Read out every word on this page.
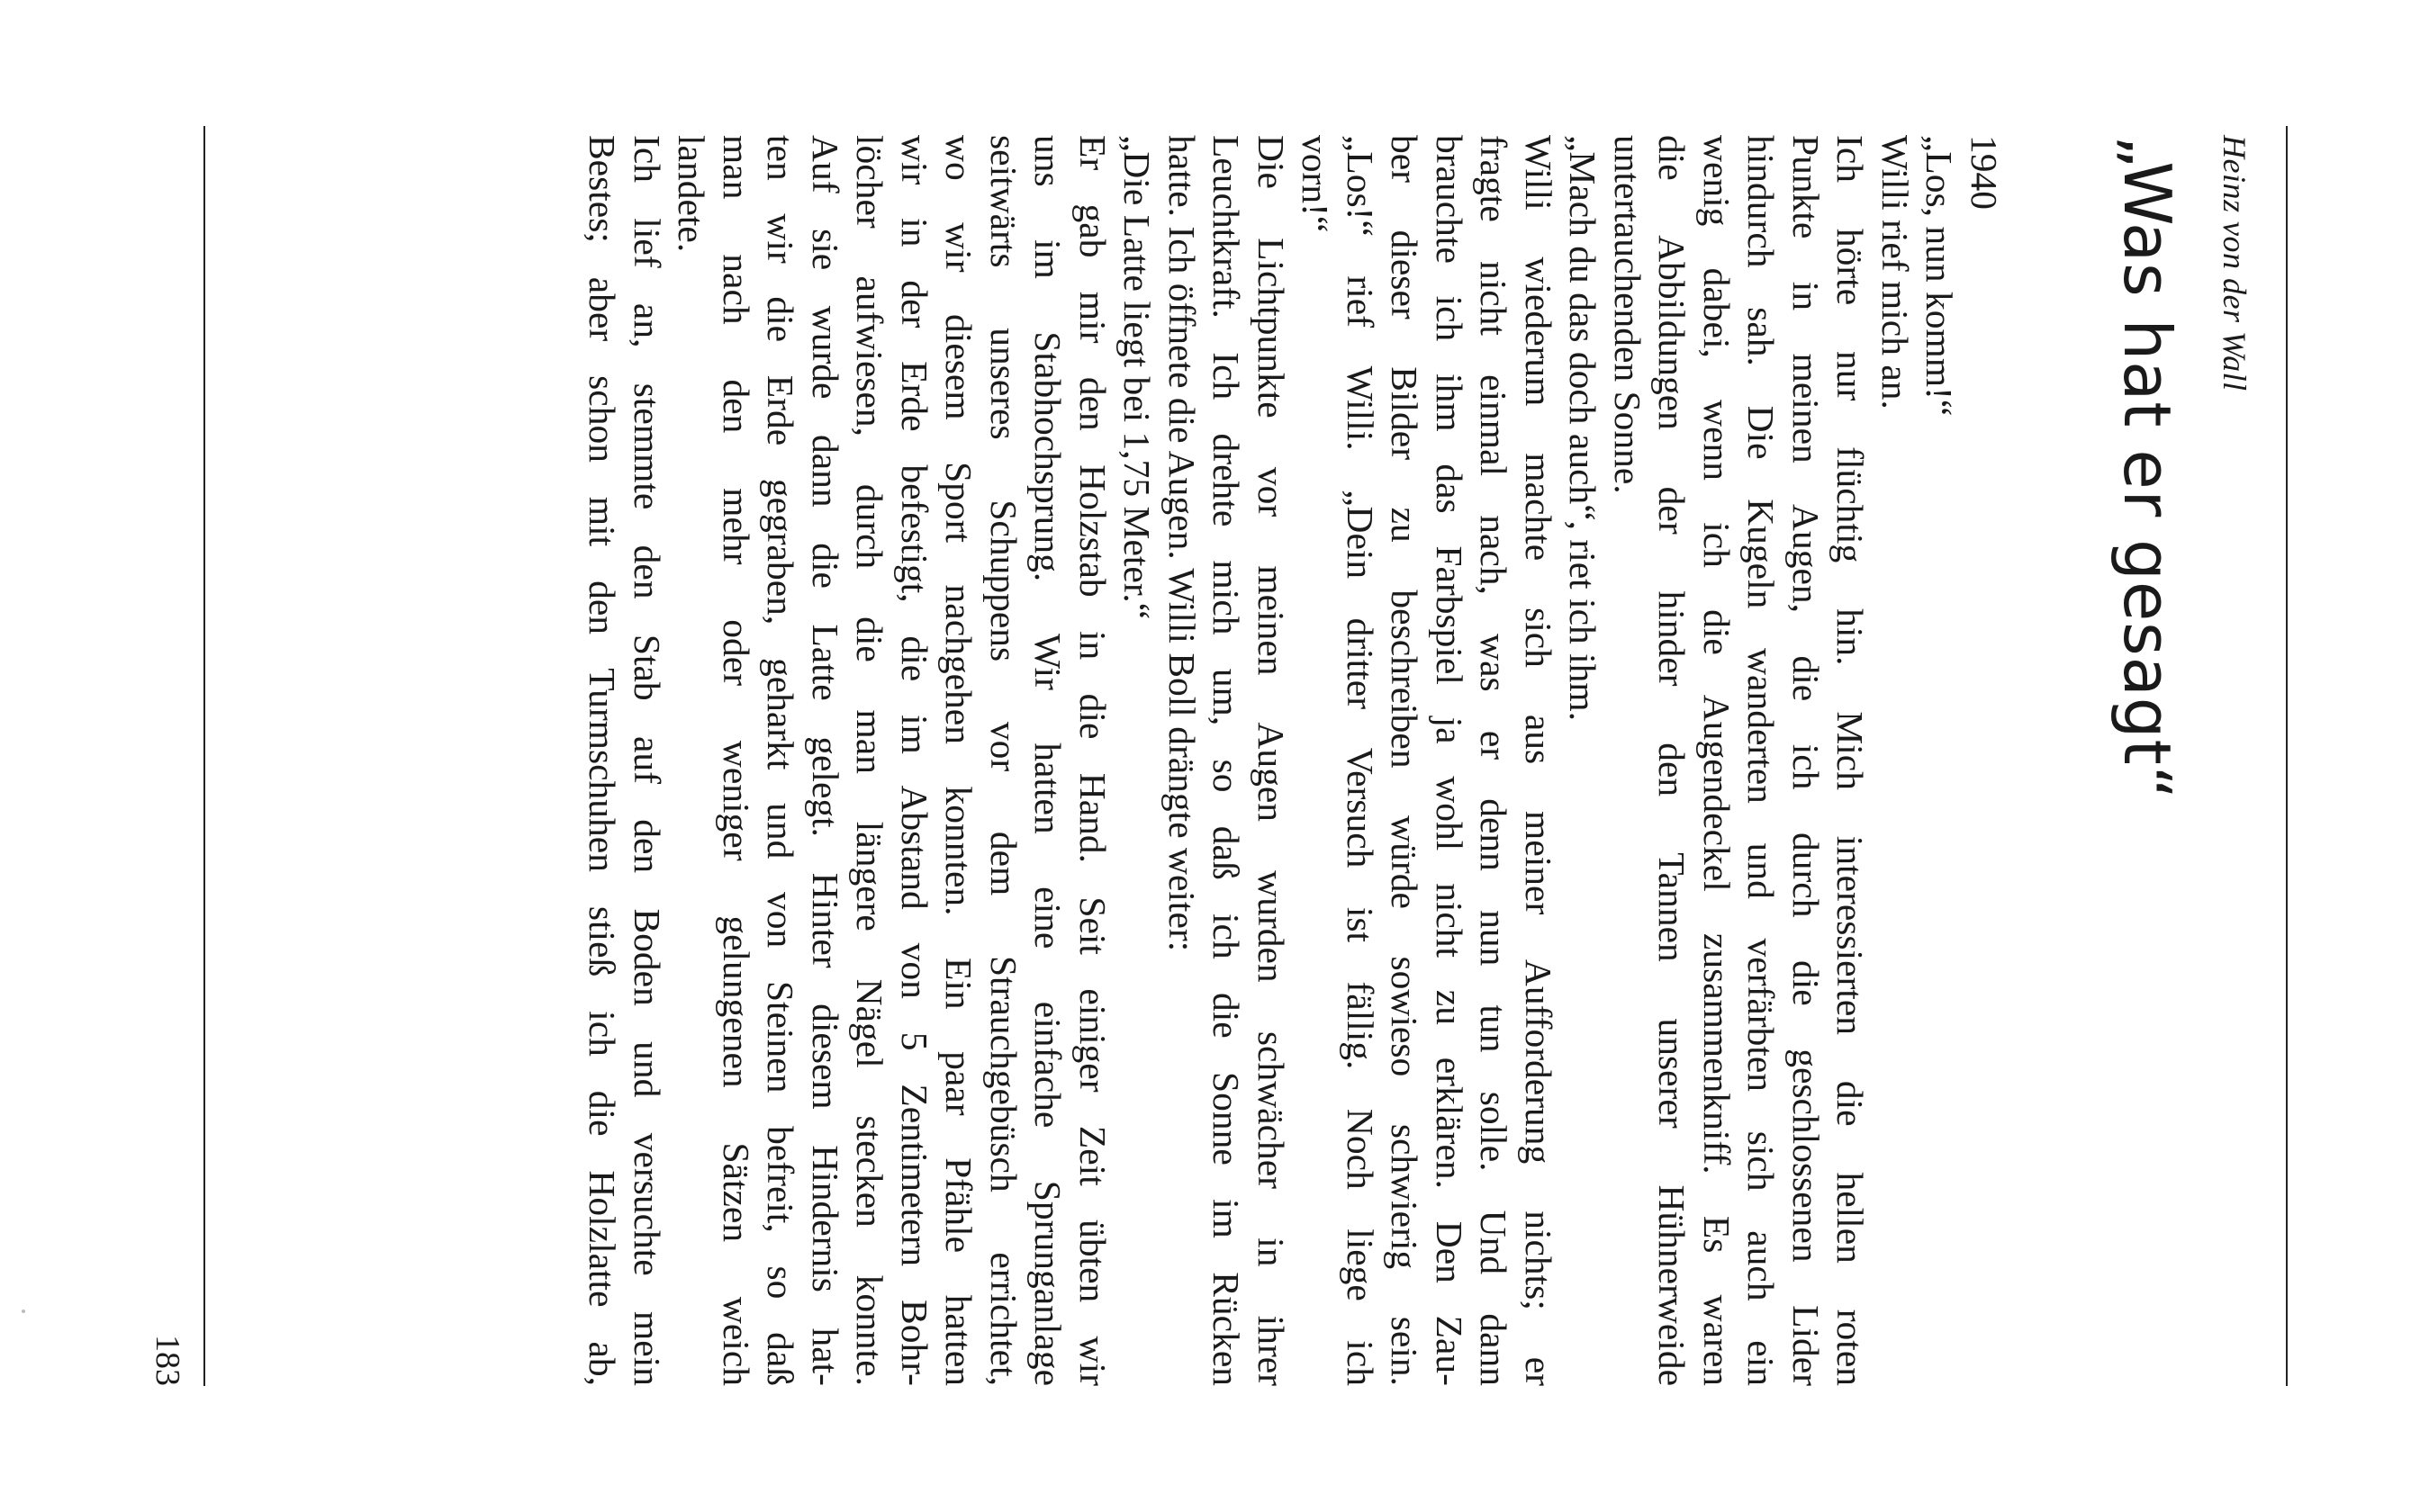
Heinz von der Wall
„Was hat er gesagt“
1940
„Los, nun komm!“
Willi rief mich an.
Ich hörte nur flüchtig hin. Mich interessierten die hellen roten
Punkte in meinen Augen, die ich durch die geschlossenen Lider
hindurch sah. Die Kugeln wanderten und verfärbten sich auch ein
wenig dabei, wenn ich die Augendeckel zusammenkniff. Es waren
die Abbildungen der hinder den Tannen unserer Hühnerweide
untertauchenden Sonne.
„Mach du das doch auch“, riet ich ihm.
Willi wiederum machte sich aus meiner Aufforderung nichts; er
fragte nicht einmal nach, was er denn nun tun solle. Und dann
brauchte ich ihm das Farbspiel ja wohl nicht zu erklären. Den Zau-
ber dieser Bilder zu beschreiben würde sowieso schwierig sein.
„Los!“ rief Willi. „Dein dritter Versuch ist fällig. Noch liege ich
vorn!“
Die Lichtpunkte vor meinen Augen wurden schwächer in ihrer
Leuchtkraft. Ich drehte mich um, so daß ich die Sonne im Rücken
hatte. Ich öffnete die Augen. Willi Boll drängte weiter:
„Die Latte liegt bei 1,75 Meter.“
Er gab mir den Holzstab in die Hand. Seit einiger Zeit übten wir
uns im Stabhochsprung. Wir hatten eine einfache Sprunganlage
seitwärts unseres Schuppens vor dem Strauchgebüsch errichtet,
wo wir diesem Sport nachgehen konnten. Ein paar Pfähle hatten
wir in der Erde befestigt, die im Abstand von 5 Zentimetern Bohr-
löcher aufwiesen, durch die man längere Nägel stecken konnte.
Auf sie wurde dann die Latte gelegt. Hinter diesem Hindernis hat-
ten wir die Erde gegraben, geharkt und von Steinen befreit, so daß
man nach den mehr oder weniger gelungenen Sätzen weich
landete.
Ich lief an, stemmte den Stab auf den Boden und versuchte mein
Bestes; aber schon mit den Turmschuhen stieß ich die Holzlatte ab,
183
